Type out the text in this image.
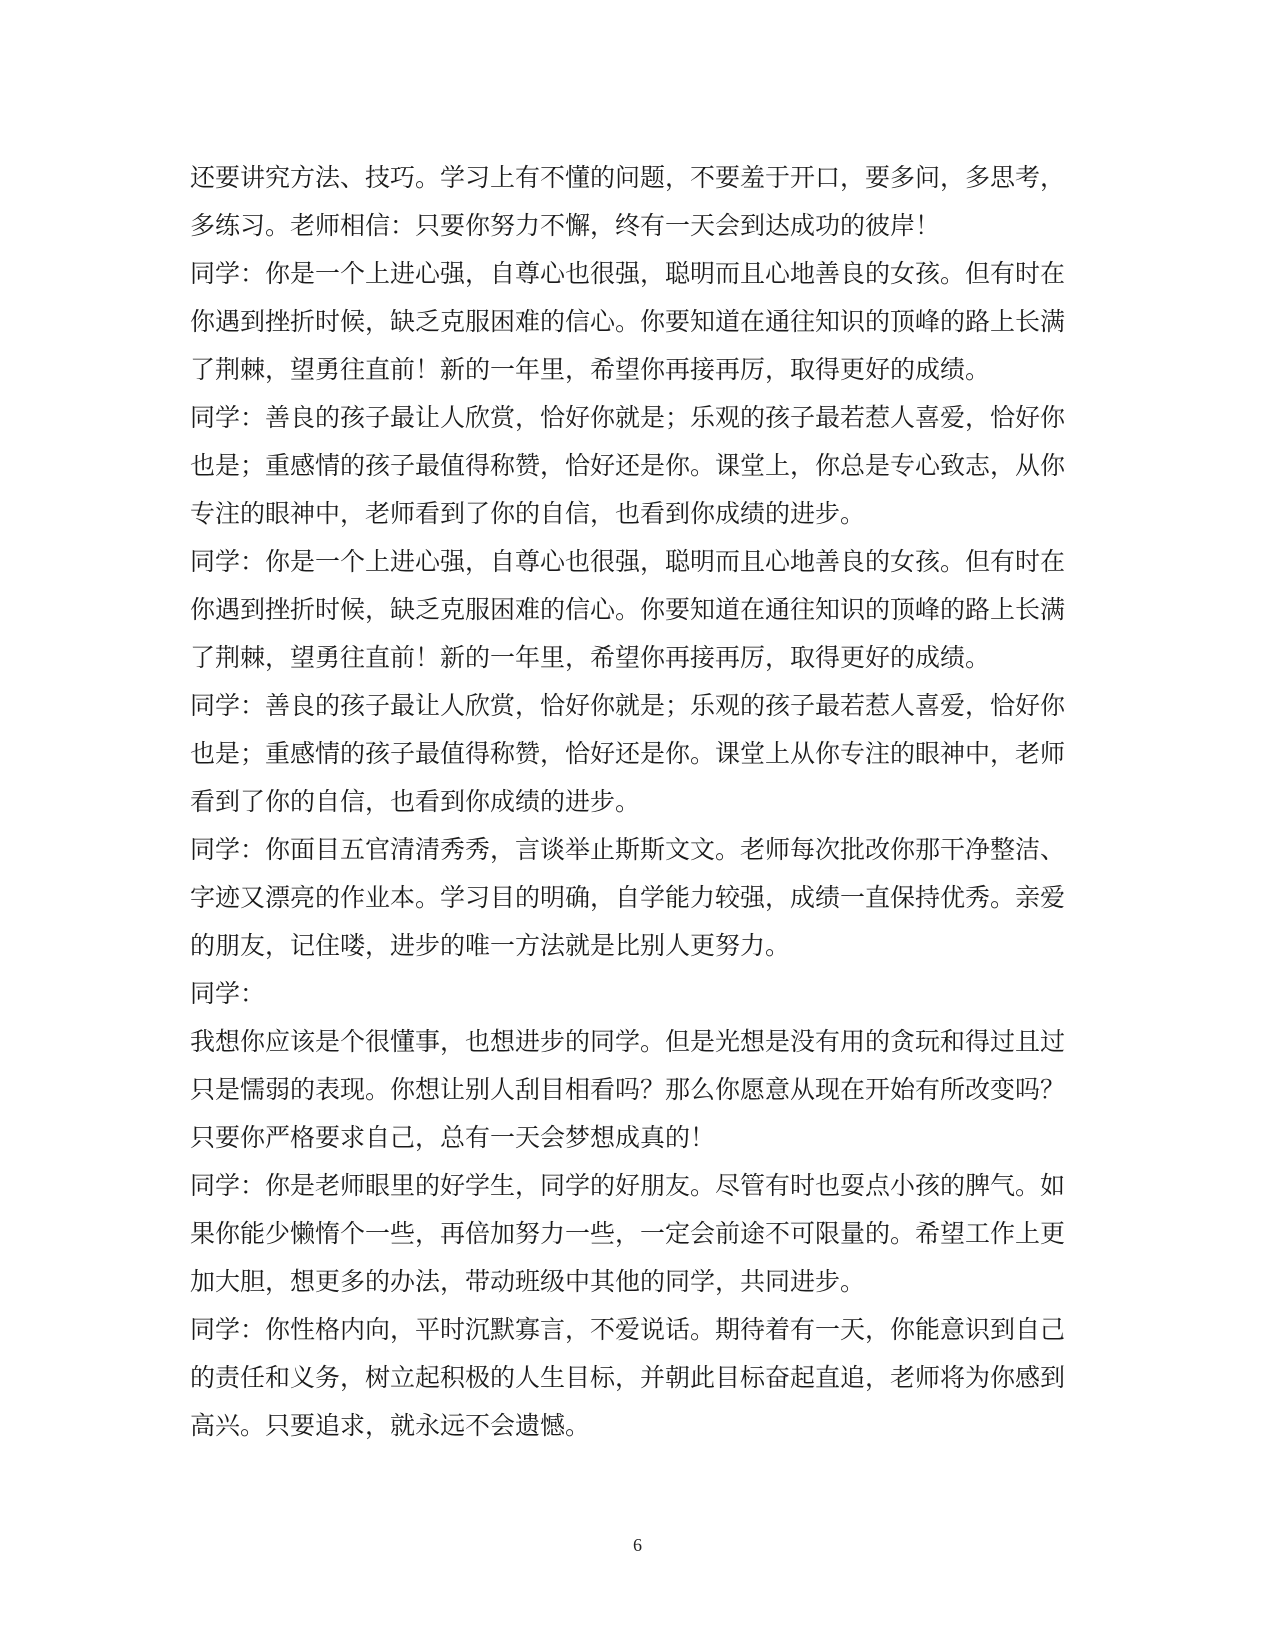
还要讲究方法、技巧。学习上有不懂的问题，不要羞于开口，要多问，多思考，
多练习。老师相信：只要你努力不懈，终有一天会到达成功的彼岸！
同学：你是一个上进心强，自尊心也很强，聪明而且心地善良的女孩。但有时在
你遇到挫折时候，缺乏克服困难的信心。你要知道在通往知识的顶峰的路上长满
了荆棘，望勇往直前！新的一年里，希望你再接再厉，取得更好的成绩。
同学：善良的孩子最让人欣赏，恰好你就是；乐观的孩子最若惹人喜爱，恰好你
也是；重感情的孩子最值得称赞，恰好还是你。课堂上，你总是专心致志，从你
专注的眼神中，老师看到了你的自信，也看到你成绩的进步。
同学：你是一个上进心强，自尊心也很强，聪明而且心地善良的女孩。但有时在
你遇到挫折时候，缺乏克服困难的信心。你要知道在通往知识的顶峰的路上长满
了荆棘，望勇往直前！新的一年里，希望你再接再厉，取得更好的成绩。
同学：善良的孩子最让人欣赏，恰好你就是；乐观的孩子最若惹人喜爱，恰好你
也是；重感情的孩子最值得称赞，恰好还是你。课堂上从你专注的眼神中，老师
看到了你的自信，也看到你成绩的进步。
同学：你面目五官清清秀秀，言谈举止斯斯文文。老师每次批改你那干净整洁、
字迹又漂亮的作业本。学习目的明确，自学能力较强，成绩一直保持优秀。亲爱
的朋友，记住喽，进步的唯一方法就是比别人更努力。
同学：
我想你应该是个很懂事，也想进步的同学。但是光想是没有用的贪玩和得过且过
只是懦弱的表现。你想让别人刮目相看吗？那么你愿意从现在开始有所改变吗？
只要你严格要求自己，总有一天会梦想成真的！
同学：你是老师眼里的好学生，同学的好朋友。尽管有时也耍点小孩的脾气。如
果你能少懒惰个一些，再倍加努力一些，一定会前途不可限量的。希望工作上更
加大胆，想更多的办法，带动班级中其他的同学，共同进步。
同学：你性格内向，平时沉默寡言，不爱说话。期待着有一天，你能意识到自己
的责任和义务，树立起积极的人生目标，并朝此目标奋起直追，老师将为你感到
高兴。只要追求，就永远不会遗憾。
6
